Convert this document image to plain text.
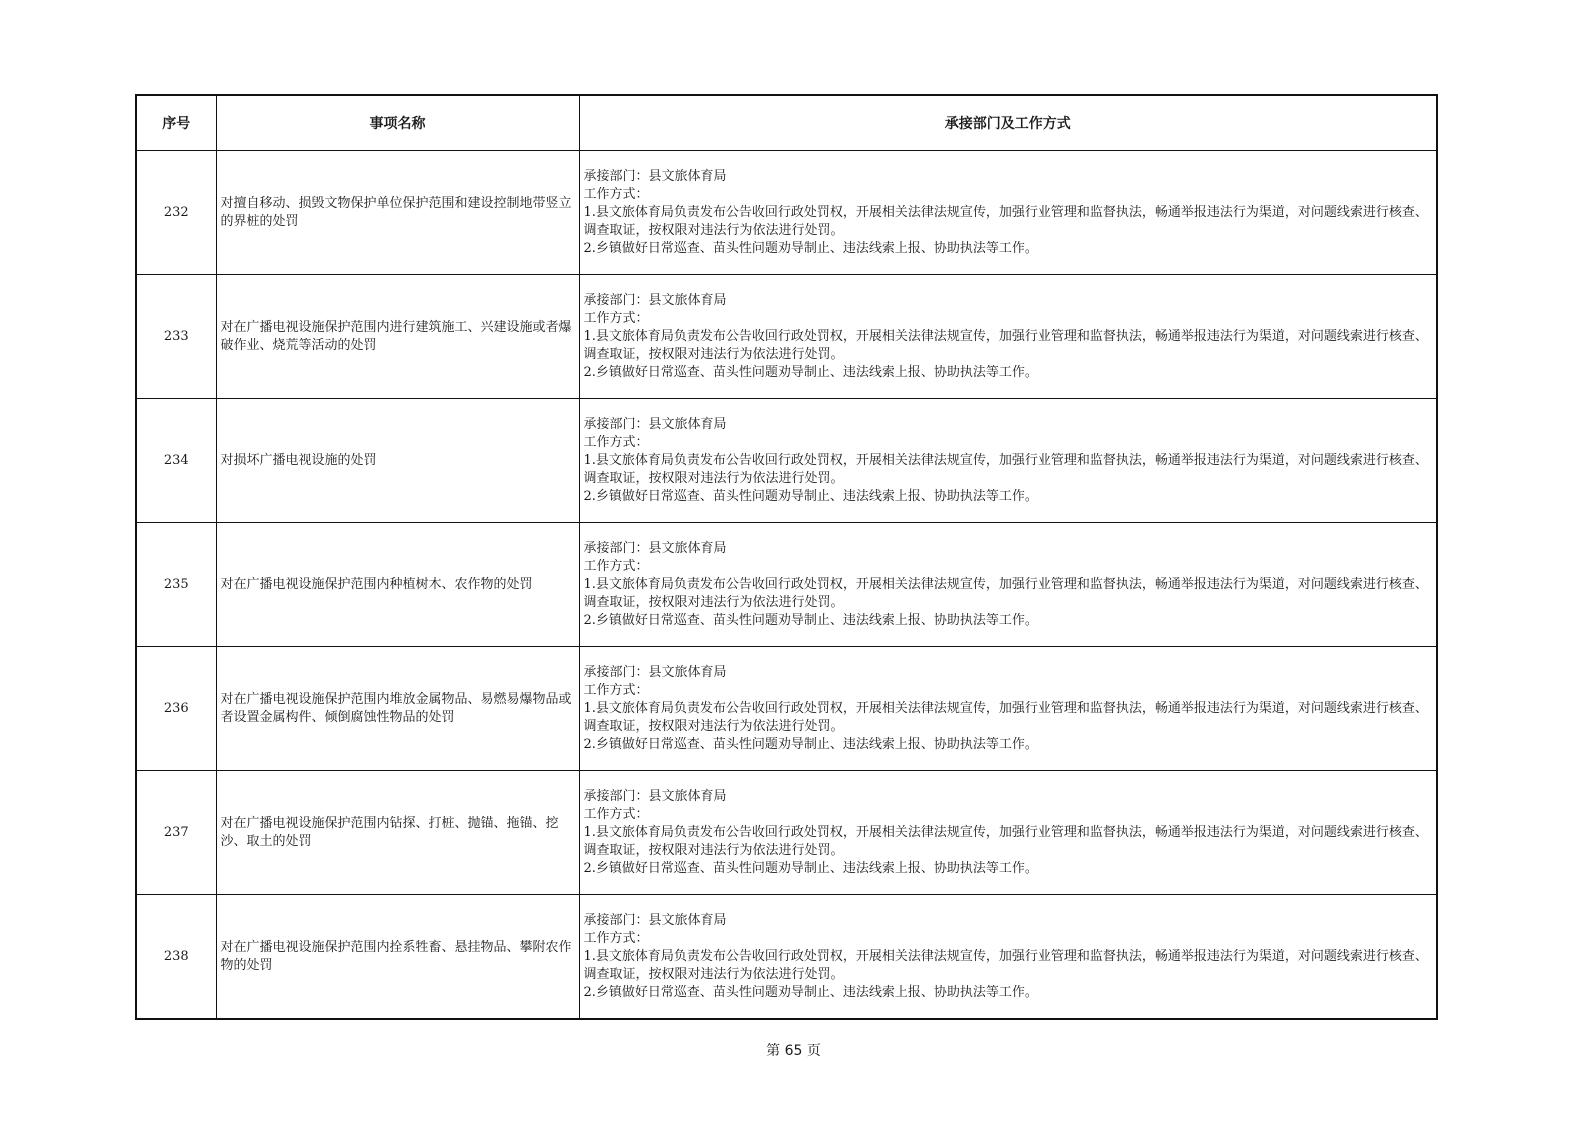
序号	事项名称	承接部门及工作方式
232	对擅自移动、损毁文物保护单位保护范围和建设控制地带竖立的界桩的处罚	承接部门：县文旅体育局
工作方式：
1.县文旅体育局负责发布公告收回行政处罚权，开展相关法律法规宣传，加强行业管理和监督执法，畅通举报违法行为渠道，对问题线索进行核查、调查取证，按权限对违法行为依法进行处罚。
2.乡镇做好日常巡查、苗头性问题劝导制止、违法线索上报、协助执法等工作。

233	对在广播电视设施保护范围内进行建筑施工、兴建设施或者爆破作业、烧荒等活动的处罚	承接部门：县文旅体育局
工作方式：
1.县文旅体育局负责发布公告收回行政处罚权，开展相关法律法规宣传，加强行业管理和监督执法，畅通举报违法行为渠道，对问题线索进行核查、调查取证，按权限对违法行为依法进行处罚。
2.乡镇做好日常巡查、苗头性问题劝导制止、违法线索上报、协助执法等工作。

234	对损坏广播电视设施的处罚	承接部门：县文旅体育局
工作方式：
1.县文旅体育局负责发布公告收回行政处罚权，开展相关法律法规宣传，加强行业管理和监督执法，畅通举报违法行为渠道，对问题线索进行核查、调查取证，按权限对违法行为依法进行处罚。
2.乡镇做好日常巡查、苗头性问题劝导制止、违法线索上报、协助执法等工作。

235	对在广播电视设施保护范围内种植树木、农作物的处罚	承接部门：县文旅体育局
工作方式：
1.县文旅体育局负责发布公告收回行政处罚权，开展相关法律法规宣传，加强行业管理和监督执法，畅通举报违法行为渠道，对问题线索进行核查、调查取证，按权限对违法行为依法进行处罚。
2.乡镇做好日常巡查、苗头性问题劝导制止、违法线索上报、协助执法等工作。

236	对在广播电视设施保护范围内堆放金属物品、易燃易爆物品或者设置金属构件、倾倒腐蚀性物品的处罚	承接部门：县文旅体育局
工作方式：
1.县文旅体育局负责发布公告收回行政处罚权，开展相关法律法规宣传，加强行业管理和监督执法，畅通举报违法行为渠道，对问题线索进行核查、调查取证，按权限对违法行为依法进行处罚。
2.乡镇做好日常巡查、苗头性问题劝导制止、违法线索上报、协助执法等工作。

237	对在广播电视设施保护范围内钻探、打桩、抛锚、拖锚、挖沙、取土的处罚	承接部门：县文旅体育局
工作方式：
1.县文旅体育局负责发布公告收回行政处罚权，开展相关法律法规宣传，加强行业管理和监督执法，畅通举报违法行为渠道，对问题线索进行核查、调查取证，按权限对违法行为依法进行处罚。
2.乡镇做好日常巡查、苗头性问题劝导制止、违法线索上报、协助执法等工作。

238	对在广播电视设施保护范围内拴系牲畜、悬挂物品、攀附农作物的处罚	承接部门：县文旅体育局
工作方式：
1.县文旅体育局负责发布公告收回行政处罚权，开展相关法律法规宣传，加强行业管理和监督执法，畅通举报违法行为渠道，对问题线索进行核查、调查取证，按权限对违法行为依法进行处罚。
2.乡镇做好日常巡查、苗头性问题劝导制止、违法线索上报、协助执法等工作。
第 65 页
